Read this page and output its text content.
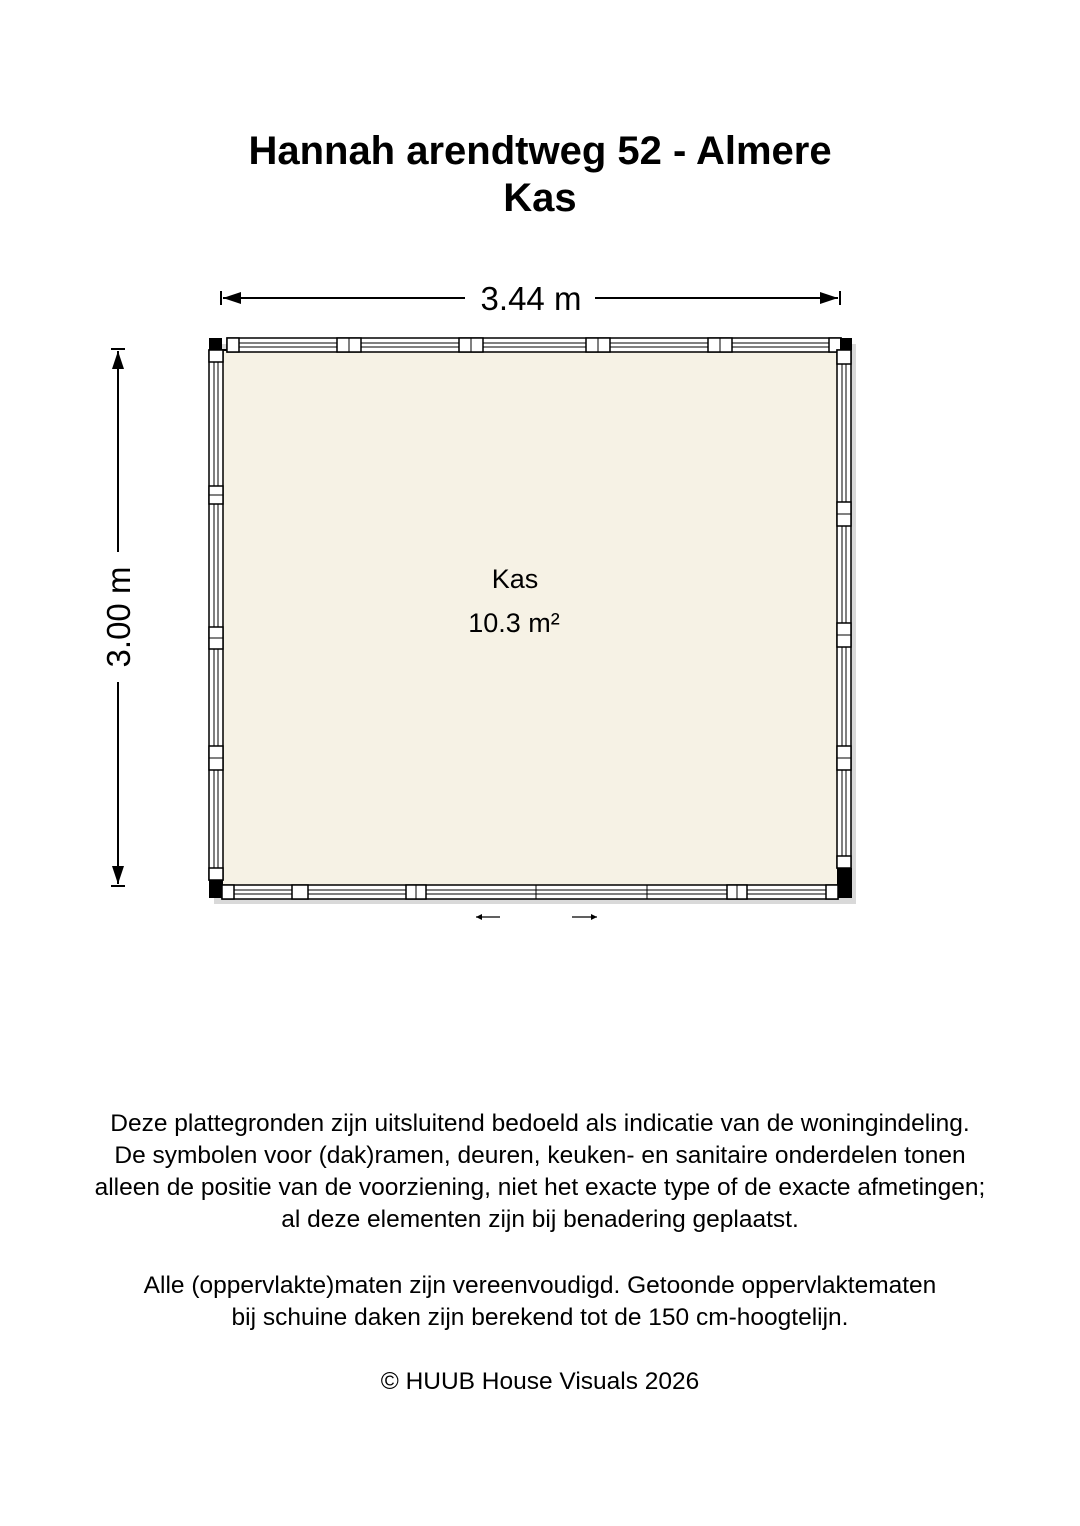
Hannah arendtweg 52 - Almere
Kas
3.44 m
3.00 m	Kas
10.3 m²
Deze plattegronden zijn uitsluitend bedoeld als indicatie van de woningindeling.
De symbolen voor (dak)ramen, deuren, keuken- en sanitaire onderdelen tonen
alleen de positie van de voorziening, niet het exacte type of de exacte afmetingen;
al deze elementen zijn bij benadering geplaatst.
Alle (oppervlakte)maten zijn vereenvoudigd. Getoonde oppervlaktematen
bij schuine daken zijn berekend tot de 150 cm-hoogtelijn.
© HUUB House Visuals 2026
